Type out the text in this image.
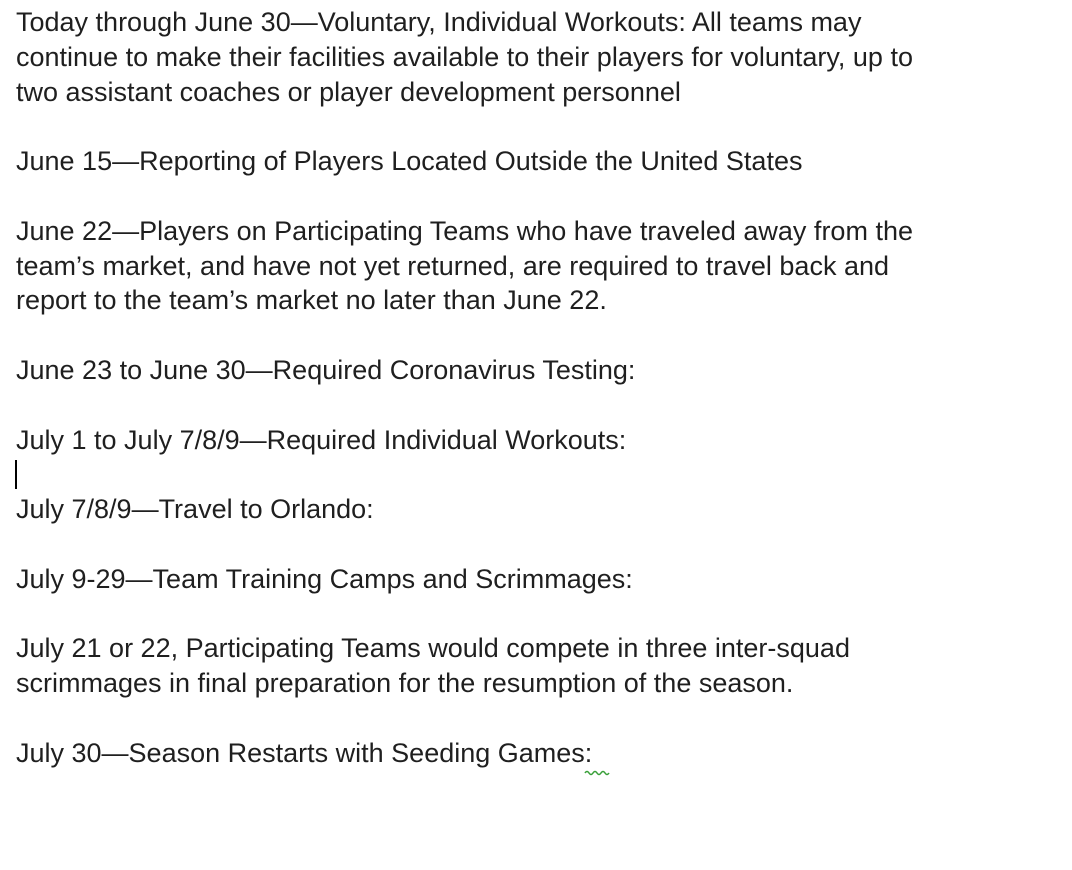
Today through June 30—Voluntary, Individual Workouts: All teams may continue to make their facilities available to their players for voluntary, up to two assistant coaches or player development personnel

June 15—Reporting of Players Located Outside the United States

June 22—Players on Participating Teams who have traveled away from the team’s market, and have not yet returned, are required to travel back and report to the team’s market no later than June 22.

June 23 to June 30—Required Coronavirus Testing:

July 1 to July 7/8/9—Required Individual Workouts:

July 7/8/9—Travel to Orlando:

July 9-29—Team Training Camps and Scrimmages:

July 21 or 22, Participating Teams would compete in three inter-squad scrimmages in final preparation for the resumption of the season.

July 30—Season Restarts with Seeding Games:
